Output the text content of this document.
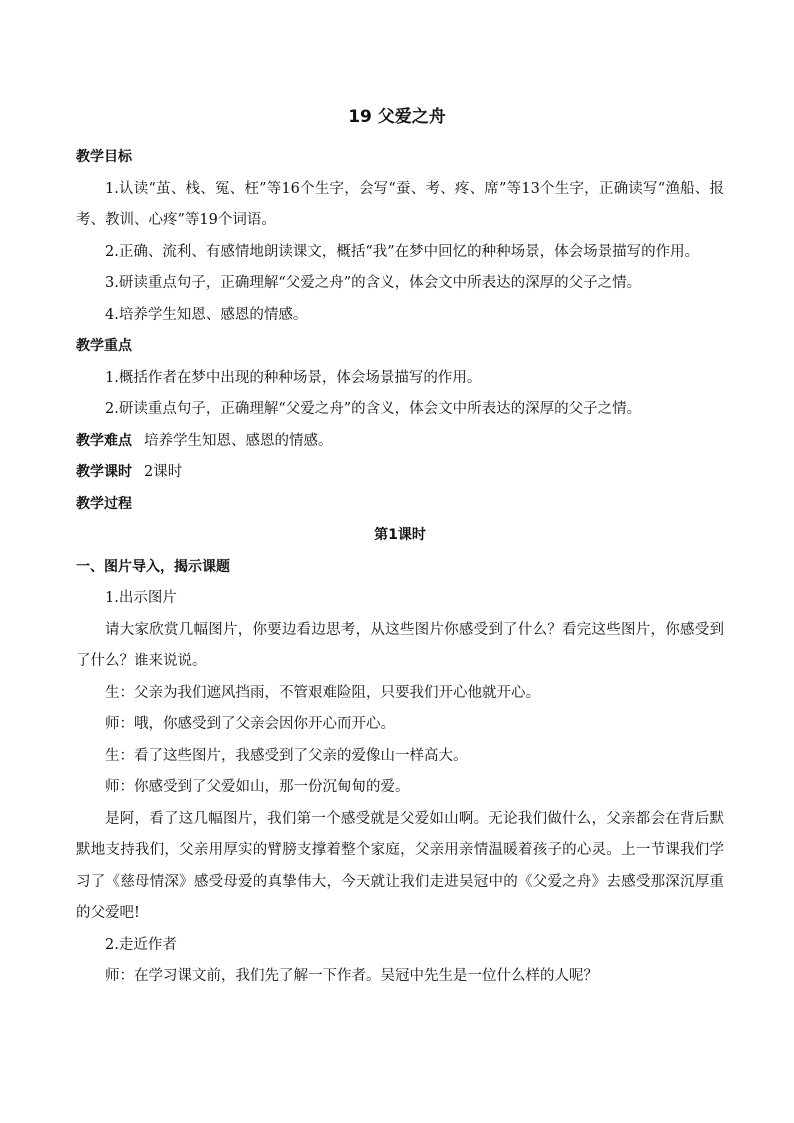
19 父爱之舟

教学目标

1.认读“茧、栈、冤、枉”等16个生字，会写“蚕、考、疼、席”等13个生字，正确读写“渔船、报考、教训、心疼”等19个词语。

2.正确、流利、有感情地朗读课文，概括“我”在梦中回忆的种种场景，体会场景描写的作用。

3.研读重点句子，正确理解“父爱之舟”的含义，体会文中所表达的深厚的父子之情。

4.培养学生知恩、感恩的情感。

教学重点

1.概括作者在梦中出现的种种场景，体会场景描写的作用。

2.研读重点句子，正确理解“父爱之舟”的含义，体会文中所表达的深厚的父子之情。

教学难点 培养学生知恩、感恩的情感。

教学课时 2课时

教学过程

第1课时

一、图片导入，揭示课题

1.出示图片

请大家欣赏几幅图片，你要边看边思考，从这些图片你感受到了什么？看完这些图片，你感受到了什么？谁来说说。

生：父亲为我们遮风挡雨，不管艰难险阻，只要我们开心他就开心。

师：哦，你感受到了父亲会因你开心而开心。

生：看了这些图片，我感受到了父亲的爱像山一样高大。

师：你感受到了父爱如山，那一份沉甸甸的爱。

是阿，看了这几幅图片，我们第一个感受就是父爱如山啊。无论我们做什么，父亲都会在背后默默地支持我们，父亲用厚实的臂膀支撑着整个家庭，父亲用亲情温暖着孩子的心灵。上一节课我们学习了《慈母情深》感受母爱的真挚伟大，今天就让我们走进吴冠中的《父爱之舟》去感受那深沉厚重的父爱吧!

2.走近作者

师：在学习课文前，我们先了解一下作者。吴冠中先生是一位什么样的人呢？
